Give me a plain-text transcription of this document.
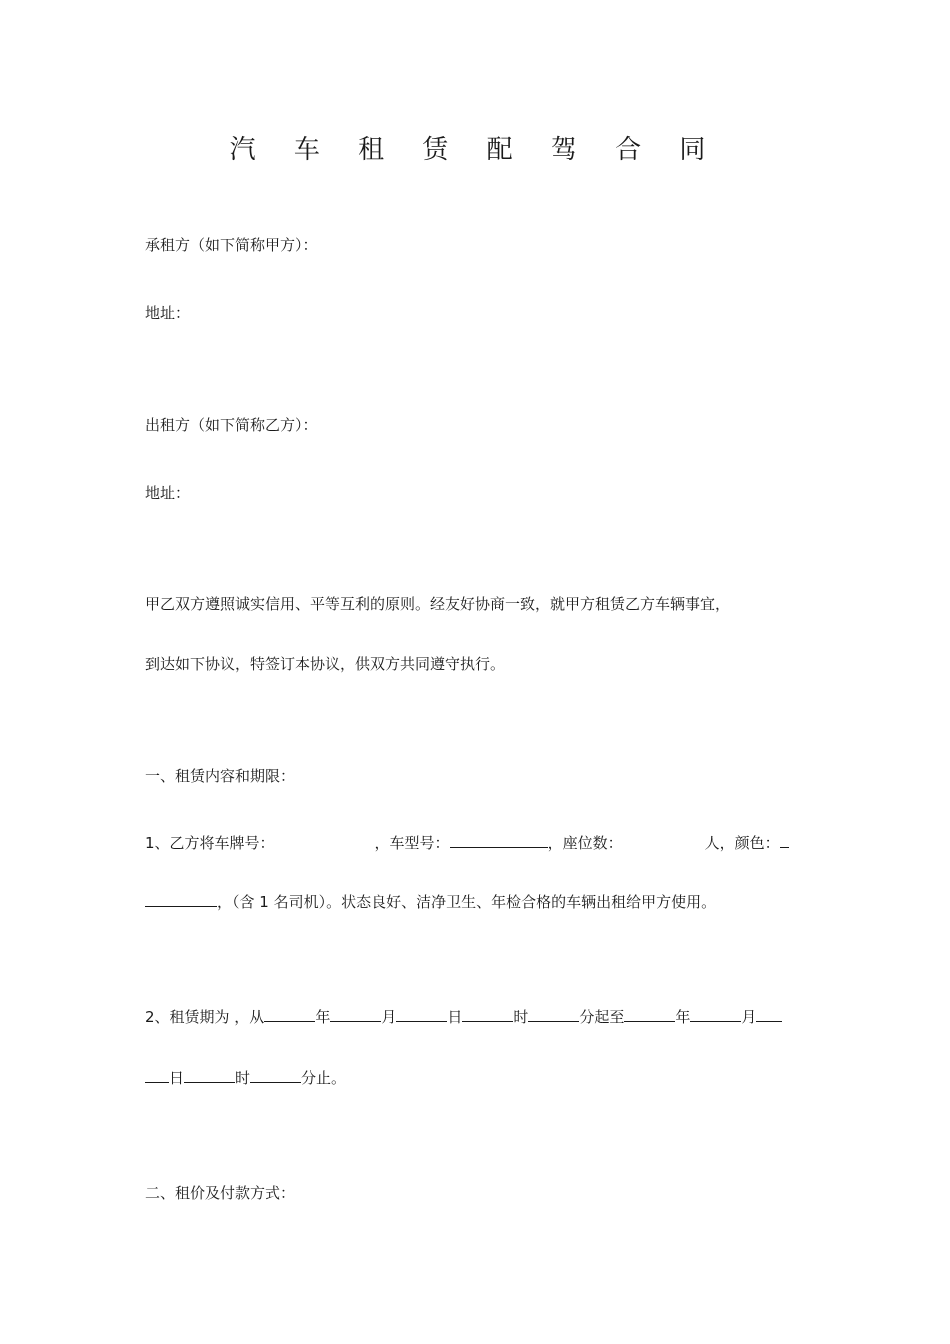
汽 车 租 赁 配 驾 合 同
承租方（如下简称甲方）：
地址：
出租方（如下简称乙方）：
地址：
甲乙双方遵照诚实信用、平等互利的原则。经友好协商一致，就甲方租赁乙方车辆事宜，
到达如下协议，特签订本协议，供双方共同遵守执行。
一、租赁内容和期限：
1、乙方将车牌号：	，车型号：	，座位数：	人，颜色：
，（含 1 名司机）。状态良好、洁净卫生、年检合格的车辆出租给甲方使用。
2、租赁期为 ，从	年	月	日	时	分起至	年	月
日	时	分止。
二、租价及付款方式：
